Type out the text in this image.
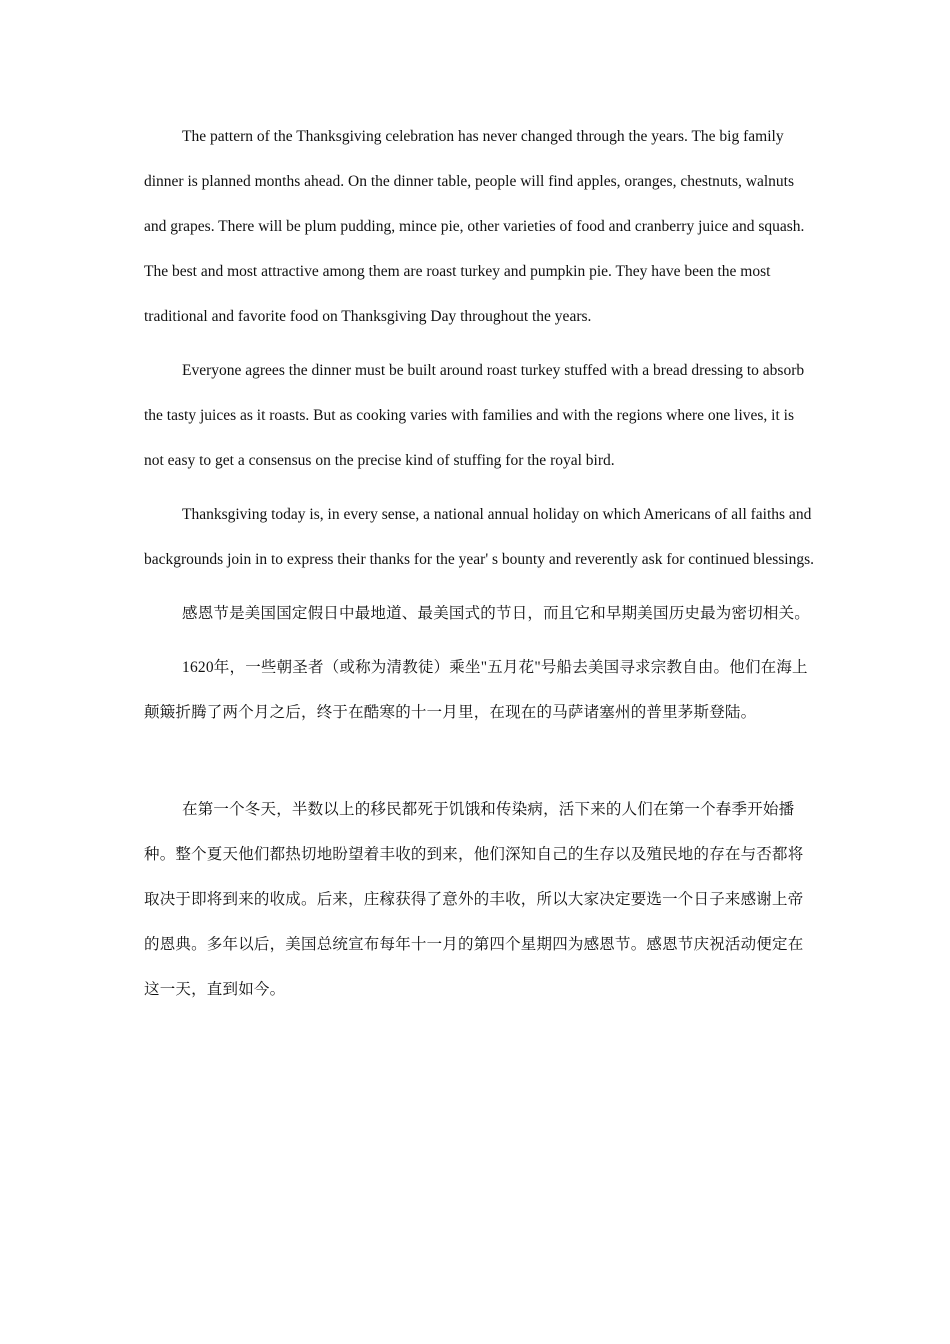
The pattern of the Thanksgiving celebration has never changed through the years. The big family dinner is planned months ahead. On the dinner table, people will find apples, oranges, chestnuts, walnuts and grapes. There will be plum pudding, mince pie, other varieties of food and cranberry juice and squash. The best and most attractive among them are roast turkey and pumpkin pie. They have been the most traditional and favorite food on Thanksgiving Day throughout the years.

Everyone agrees the dinner must be built around roast turkey stuffed with a bread dressing to absorb the tasty juices as it roasts. But as cooking varies with families and with the regions where one lives, it is not easy to get a consensus on the precise kind of stuffing for the royal bird.

Thanksgiving today is, in every sense, a national annual holiday on which Americans of all faiths and backgrounds join in to express their thanks for the year' s bounty and reverently ask for continued blessings.

感恩节是美国国定假日中最地道、最美国式的节日，而且它和早期美国历史最为密切相关。

1620年，一些朝圣者（或称为清教徒）乘坐"五月花"号船去美国寻求宗教自由。他们在海上颠簸折腾了两个月之后，终于在酷寒的十一月里，在现在的马萨诸塞州的普里茅斯登陆。

在第一个冬天，半数以上的移民都死于饥饿和传染病，活下来的人们在第一个春季开始播种。整个夏天他们都热切地盼望着丰收的到来，他们深知自己的生存以及殖民地的存在与否都将取决于即将到来的收成。后来，庄稼获得了意外的丰收，所以大家决定要选一个日子来感谢上帝的恩典。多年以后，美国总统宣布每年十一月的第四个星期四为感恩节。感恩节庆祝活动便定在这一天，直到如今。
